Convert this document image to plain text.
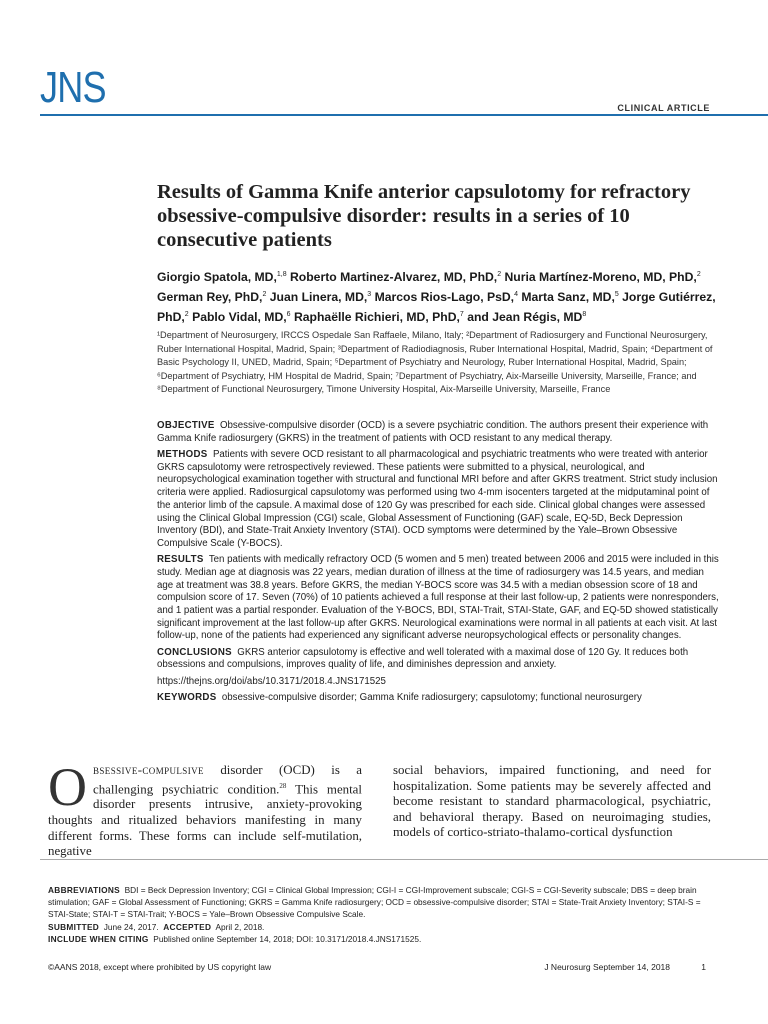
JNS	CLINICAL ARTICLE
Results of Gamma Knife anterior capsulotomy for refractory obsessive-compulsive disorder: results in a series of 10 consecutive patients
Giorgio Spatola, MD,$^{1,8}$ Roberto Martinez-Alvarez, MD, PhD,$^2$ Nuria Martínez-Moreno, MD, PhD,$^2$ German Rey, PhD,$^2$ Juan Linera, MD,$^3$ Marcos Rios-Lago, PsD,$^4$ Marta Sanz, MD,$^5$ Jorge Gutiérrez, PhD,$^2$ Pablo Vidal, MD,$^6$ Raphaëlle Richieri, MD, PhD,$^7$ and Jean Régis, $MD^8$
¹Department of Neurosurgery, IRCCS Ospedale San Raffaele, Milano, Italy; ²Department of Radiosurgery and Functional Neurosurgery, Ruber International Hospital, Madrid, Spain; ³Department of Radiodiagnosis, Ruber International Hospital, Madrid, Spain; ⁴Department of Basic Psychology II, UNED, Madrid, Spain; ⁵Department of Psychiatry and Neurology, Ruber International Hospital, Madrid, Spain; ⁶Department of Psychiatry, HM Hospital de Madrid, Spain; ⁷Department of Psychiatry, Aix-Marseille University, Marseille, France; and ⁸Department of Functional Neurosurgery, Timone University Hospital, Aix-Marseille University, Marseille, France

OBJECTIVE Obsessive-compulsive disorder (OCD) is a severe psychiatric condition. The authors present their experience with Gamma Knife radiosurgery (GKRS) in the treatment of patients with OCD resistant to any medical therapy.

METHODS Patients with severe OCD resistant to all pharmacological and psychiatric treatments who were treated with anterior GKRS capsulotomy were retrospectively reviewed. These patients were submitted to a physical, neurological, and neuropsychological examination together with structural and functional MRI before and after GKRS treatment. Strict study inclusion criteria were applied. Radiosurgical capsulotomy was performed using two 4-mm isocenters targeted at the midputaminal point of the anterior limb of the capsule. A maximal dose of 120 Gy was prescribed for each side. Clinical global changes were assessed using the Clinical Global Impression (CGI) scale, Global Assessment of Functioning (GAF) scale, EQ-5D, Beck Depression Inventory (BDI), and State-Trait Anxiety Inventory (STAI). OCD symptoms were determined by the Yale–Brown Obsessive Compulsive Scale (Y-BOCS).

RESULTS Ten patients with medically refractory OCD (5 women and 5 men) treated between 2006 and 2015 were included in this study. Median age at diagnosis was 22 years, median duration of illness at the time of radiosurgery was 14.5 years, and median age at treatment was 38.8 years. Before GKRS, the median Y-BOCS score was 34.5 with a median obsession score of 18 and compulsion score of 17. Seven (70%) of 10 patients achieved a full response at their last follow-up, 2 patients were nonresponders, and 1 patient was a partial responder. Evaluation of the Y-BOCS, BDI, STAI-Trait, STAI-State, GAF, and EQ-5D showed statistically significant improvement at the last follow-up after GKRS. Neurological examinations were normal in all patients at each visit. At last follow-up, none of the patients had experienced any significant adverse neuropsychological effects or personality changes.

CONCLUSIONS GKRS anterior capsulotomy is effective and well tolerated with a maximal dose of 120 Gy. It reduces both obsessions and compulsions, improves quality of life, and diminishes depression and anxiety.

https://thejns.org/doi/abs/10.3171/2018.4.JNS171525

KEYWORDS obsessive-compulsive disorder; Gamma Knife radiosurgery; capsulotomy; functional neurosurgery

Obsessive-compulsive disorder (OCD) is a challenging psychiatric condition.$^{28}$ This mental disorder presents intrusive, anxiety-provoking thoughts and ritualized behaviors manifesting in many different forms. These forms can include self-mutilation, negative
social behaviors, impaired functioning, and need for hospitalization. Some patients may be severely affected and become resistant to standard pharmacological, psychiatric, and behavioral therapy. Based on neuroimaging studies, models of cortico-striato-thalamo-cortical dysfunction

ABBREVIATIONS BDI = Beck Depression Inventory; CGI = Clinical Global Impression; CGI-I = CGI-Improvement subscale; CGI-S = CGI-Severity subscale; DBS = deep brain stimulation; GAF = Global Assessment of Functioning; GKRS = Gamma Knife radiosurgery; OCD = obsessive-compulsive disorder; STAI = State-Trait Anxiety Inventory; STAI-S = STAI-State; STAI-T = STAI-Trait; Y-BOCS = Yale–Brown Obsessive Compulsive Scale.

SUBMITTED June 24, 2017. ACCEPTED April 2, 2018.

INCLUDE WHEN CITING Published online September 14, 2018; DOI: 10.3171/2018.4.JNS171525.

©AANS 2018, except where prohibited by US copyright law	J Neurosurg September 14, 2018	1
